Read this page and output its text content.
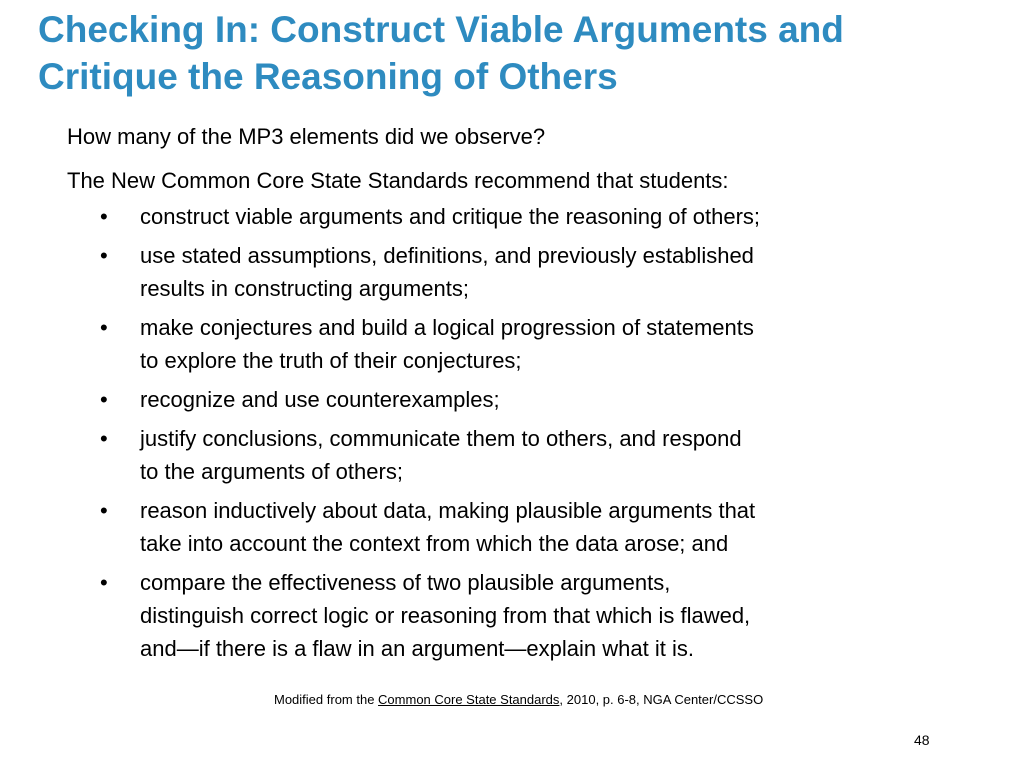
Checking In: Construct Viable Arguments and
Critique the Reasoning of Others

How many of the MP3 elements did we observe?

The New Common Core State Standards recommend that students:

• construct viable arguments and critique the reasoning of others;
• use stated assumptions, definitions, and previously established
results in constructing arguments;
• make conjectures and build a logical progression of statements
to explore the truth of their conjectures;
• recognize and use counterexamples;
• justify conclusions, communicate them to others, and respond
to the arguments of others;
• reason inductively about data, making plausible arguments that
take into account the context from which the data arose; and
• compare the effectiveness of two plausible arguments,
distinguish correct logic or reasoning from that which is flawed,
and—if there is a flaw in an argument—explain what it is.
Modified from the Common Core State Standards, 2010, p. 6-8, NGA Center/CCSSO
48
